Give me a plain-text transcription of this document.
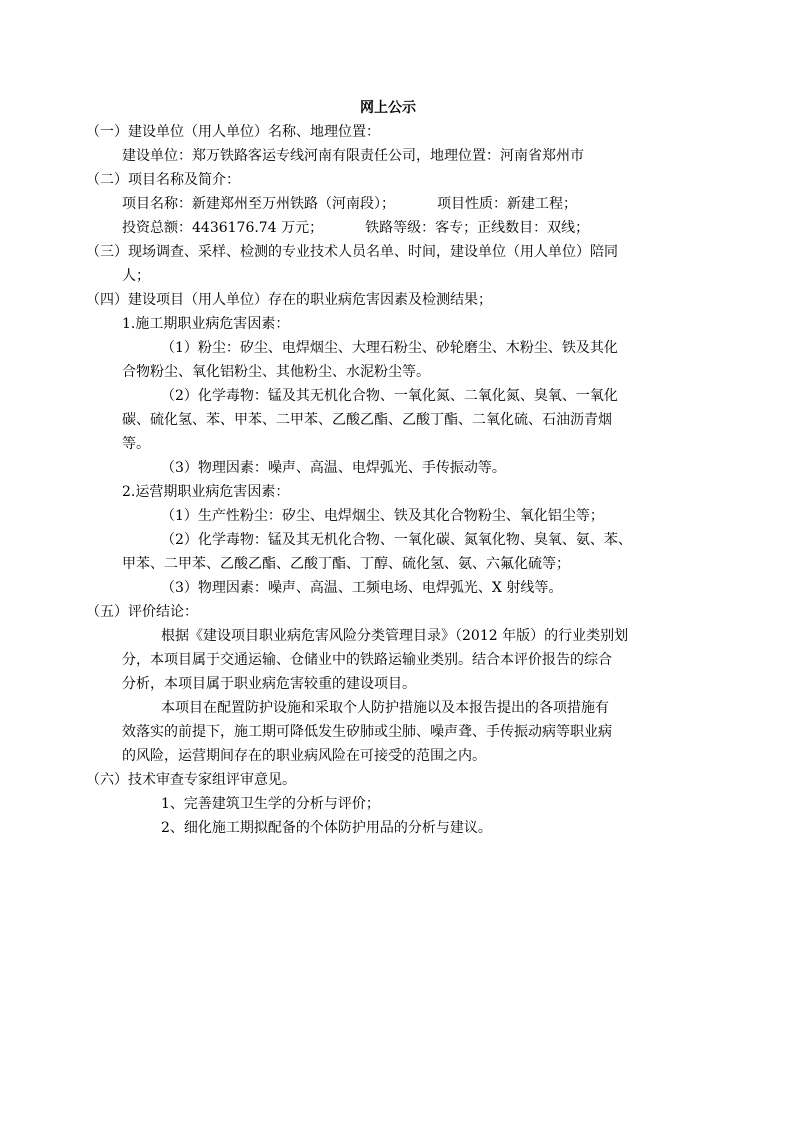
网上公示
（一）建设单位（用人单位）名称、地理位置：
建设单位：郑万铁路客运专线河南有限责任公司，地理位置：河南省郑州市
（二）项目名称及简介：
项目名称：新建郑州至万州铁路（河南段）；	项目性质：新建工程；
投资总额：4436176.74 万元；	铁路等级：客专；正线数目：双线；
（三）现场调查、采样、检测的专业技术人员名单、时间，建设单位（用人单位）陪同
人；
（四）建设项目（用人单位）存在的职业病危害因素及检测结果；
1.施工期职业病危害因素：
（1）粉尘：矽尘、电焊烟尘、大理石粉尘、砂轮磨尘、木粉尘、铁及其化
合物粉尘、氧化铝粉尘、其他粉尘、水泥粉尘等。
（2）化学毒物：锰及其无机化合物、一氧化氮、二氧化氮、臭氧、一氧化
碳、硫化氢、苯、甲苯、二甲苯、乙酸乙酯、乙酸丁酯、二氧化硫、石油沥青烟
等。
（3）物理因素：噪声、高温、电焊弧光、手传振动等。
2.运营期职业病危害因素：
（1）生产性粉尘：矽尘、电焊烟尘、铁及其化合物粉尘、氧化铝尘等；
（2）化学毒物：锰及其无机化合物、一氧化碳、氮氧化物、臭氧、氨、苯、
甲苯、二甲苯、乙酸乙酯、乙酸丁酯、丁醇、硫化氢、氨、六氟化硫等；
（3）物理因素：噪声、高温、工频电场、电焊弧光、X 射线等。
（五）评价结论：
根据《建设项目职业病危害风险分类管理目录》（2012 年版）的行业类别划
分，本项目属于交通运输、仓储业中的铁路运输业类别。结合本评价报告的综合
分析，本项目属于职业病危害较重的建设项目。
本项目在配置防护设施和采取个人防护措施以及本报告提出的各项措施有
效落实的前提下，施工期可降低发生矽肺或尘肺、噪声聋、手传振动病等职业病
的风险，运营期间存在的职业病风险在可接受的范围之内。
（六）技术审查专家组评审意见。
1、完善建筑卫生学的分析与评价；
2、细化施工期拟配备的个体防护用品的分析与建议。
